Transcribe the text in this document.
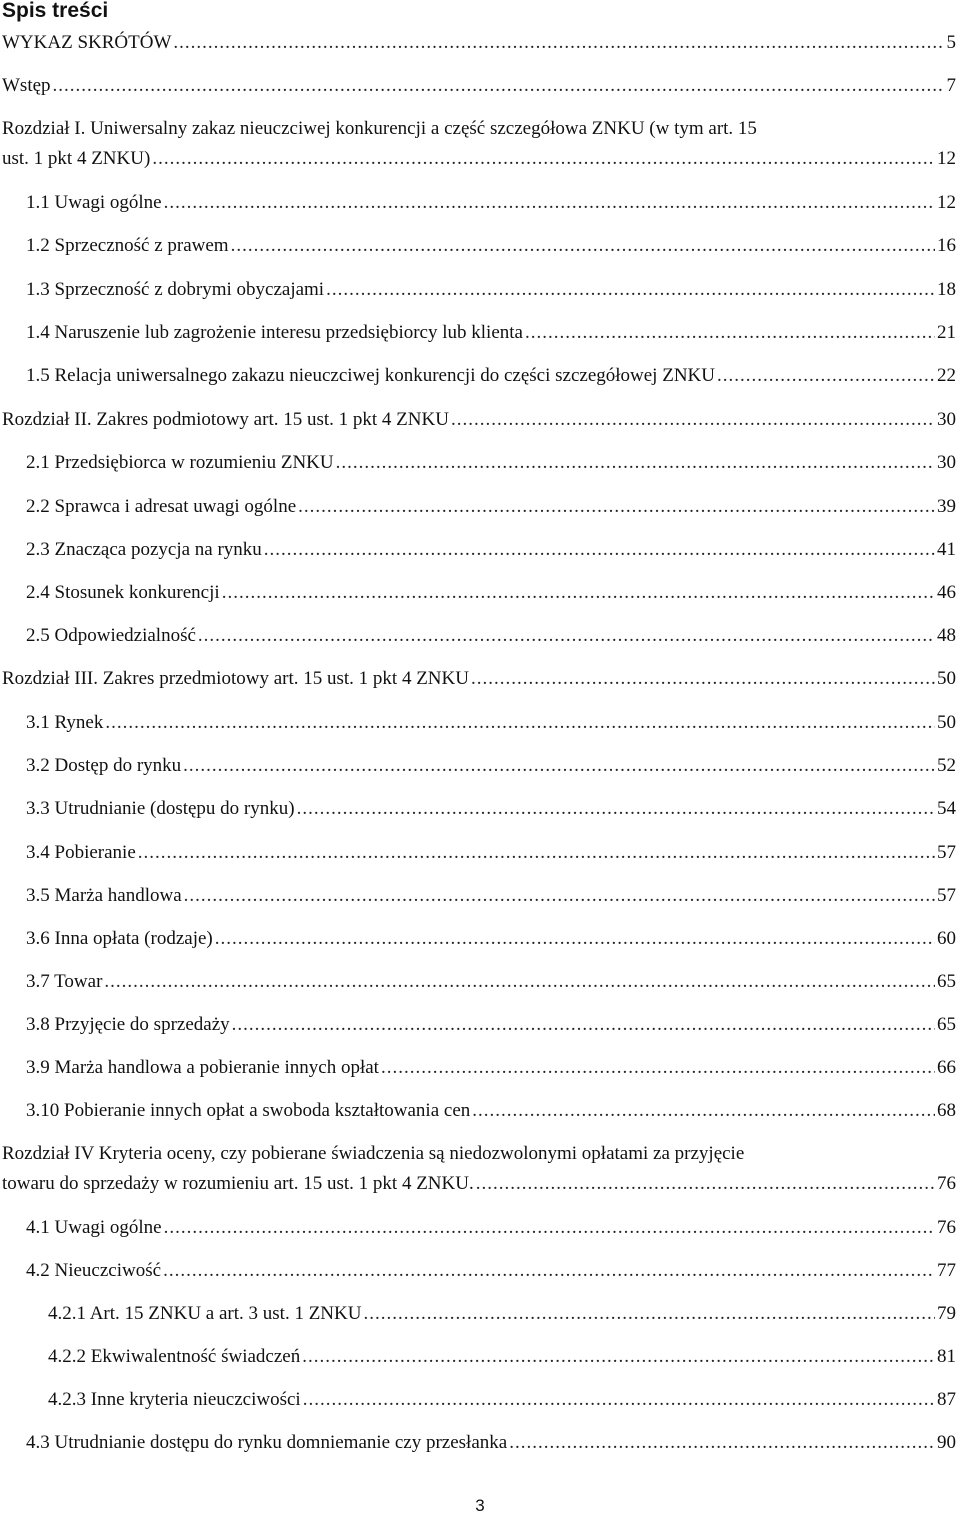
Spis treści
WYKAZ SKRÓTÓW .....	5
Wstęp .....	7
Rozdział I. Uniwersalny zakaz nieuczciwej konkurencji a część szczegółowa ZNKU (w tym art. 15
ust. 1 pkt 4 ZNKU) .....	12
1.1 Uwagi ogólne .....	12
1.2 Sprzeczność z prawem .....	16
1.3 Sprzeczność z dobrymi obyczajami .....	18
1.4 Naruszenie lub zagrożenie interesu przedsiębiorcy lub klienta .....	21
1.5 Relacja uniwersalnego zakazu nieuczciwej konkurencji do części szczegółowej ZNKU .....	22
Rozdział II. Zakres podmiotowy art. 15 ust. 1 pkt 4 ZNKU .....	30
2.1 Przedsiębiorca w rozumieniu ZNKU .....	30
2.2 Sprawca i adresat uwagi ogólne .....	39
2.3 Znacząca pozycja na rynku .....	41
2.4 Stosunek konkurencji .....	46
2.5 Odpowiedzialność .....	48
Rozdział III. Zakres przedmiotowy art. 15 ust. 1 pkt 4 ZNKU .....	50
3.1 Rynek .....	50
3.2 Dostęp do rynku .....	52
3.3 Utrudnianie (dostępu do rynku) .....	54
3.4 Pobieranie .....	57
3.5 Marża handlowa .....	57
3.6 Inna opłata (rodzaje) .....	60
3.7 Towar .....	65
3.8 Przyjęcie do sprzedaży .....	65
3.9 Marża handlowa a pobieranie innych opłat .....	66
3.10 Pobieranie innych opłat a swoboda kształtowania cen .....	68
Rozdział IV Kryteria oceny, czy pobierane świadczenia są niedozwolonymi opłatami za przyjęcie
towaru do sprzedaży w rozumieniu art. 15 ust. 1 pkt 4 ZNKU. .....	76
4.1 Uwagi ogólne .....	76
4.2 Nieuczciwość .....	77
4.2.1 Art. 15 ZNKU a art. 3 ust. 1 ZNKU .....	79
4.2.2 Ekwiwalentność świadczeń .....	81
4.2.3 Inne kryteria nieuczciwości .....	87
4.3 Utrudnianie dostępu do rynku domniemanie czy przesłanka .....	90
3
